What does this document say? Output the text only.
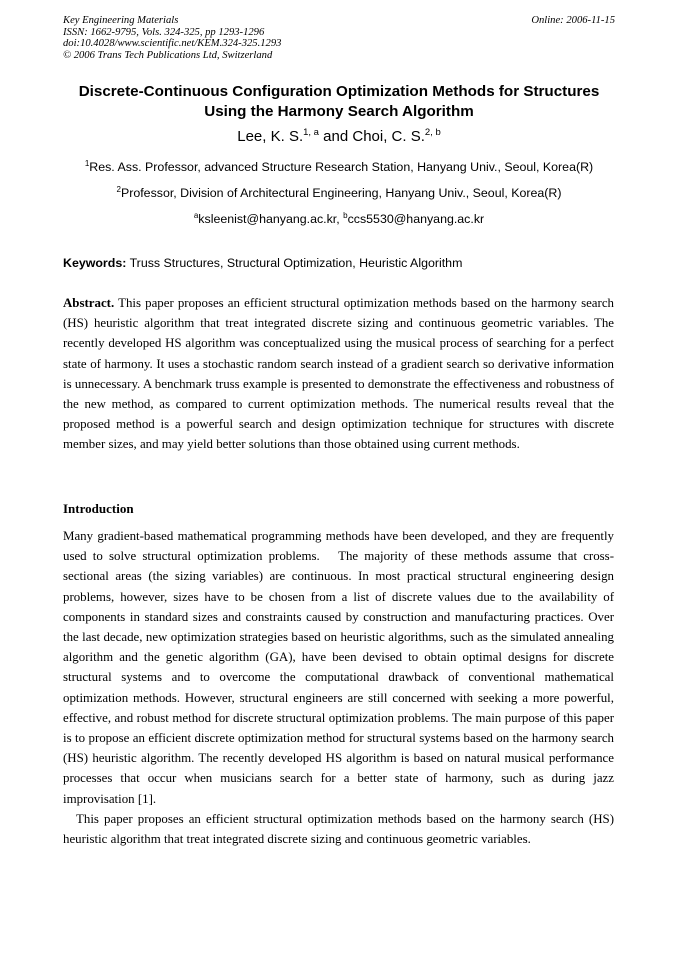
Key Engineering Materials
ISSN: 1662-9795, Vols. 324-325, pp 1293-1296
doi:10.4028/www.scientific.net/KEM.324-325.1293
© 2006 Trans Tech Publications Ltd, Switzerland
Online: 2006-11-15
Discrete-Continuous Configuration Optimization Methods for Structures
Using the Harmony Search Algorithm
Lee, K. S.$^{1, a}$ and Choi, C. S.$^{2, b}$
$^1$Res. Ass. Professor, advanced Structure Research Station, Hanyang Univ., Seoul, Korea(R)
$^2$Professor, Division of Architectural Engineering, Hanyang Univ., Seoul, Korea(R)
$^a$ksleenist@hanyang.ac.kr, $^b$ccs5530@hanyang.ac.kr
Keywords: Truss Structures, Structural Optimization, Heuristic Algorithm
Abstract. This paper proposes an efficient structural optimization methods based on the harmony search (HS) heuristic algorithm that treat integrated discrete sizing and continuous geometric variables. The recently developed HS algorithm was conceptualized using the musical process of searching for a perfect state of harmony. It uses a stochastic random search instead of a gradient search so derivative information is unnecessary. A benchmark truss example is presented to demonstrate the effectiveness and robustness of the new method, as compared to current optimization methods. The numerical results reveal that the proposed method is a powerful search and design optimization technique for structures with discrete member sizes, and may yield better solutions than those obtained using current methods.
Introduction
Many gradient-based mathematical programming methods have been developed, and they are frequently used to solve structural optimization problems.   The majority of these methods assume that cross-sectional areas (the sizing variables) are continuous. In most practical structural engineering design problems, however, sizes have to be chosen from a list of discrete values due to the availability of components in standard sizes and constraints caused by construction and manufacturing practices. Over the last decade, new optimization strategies based on heuristic algorithms, such as the simulated annealing algorithm and the genetic algorithm (GA), have been devised to obtain optimal designs for discrete structural systems and to overcome the computational drawback of conventional mathematical optimization methods. However, structural engineers are still concerned with seeking a more powerful, effective, and robust method for discrete structural optimization problems. The main purpose of this paper is to propose an efficient discrete optimization method for structural systems based on the harmony search (HS) heuristic algorithm. The recently developed HS algorithm is based on natural musical performance processes that occur when musicians search for a better state of harmony, such as during jazz improvisation [1].
This paper proposes an efficient structural optimization methods based on the harmony search (HS) heuristic algorithm that treat integrated discrete sizing and continuous geometric variables.
